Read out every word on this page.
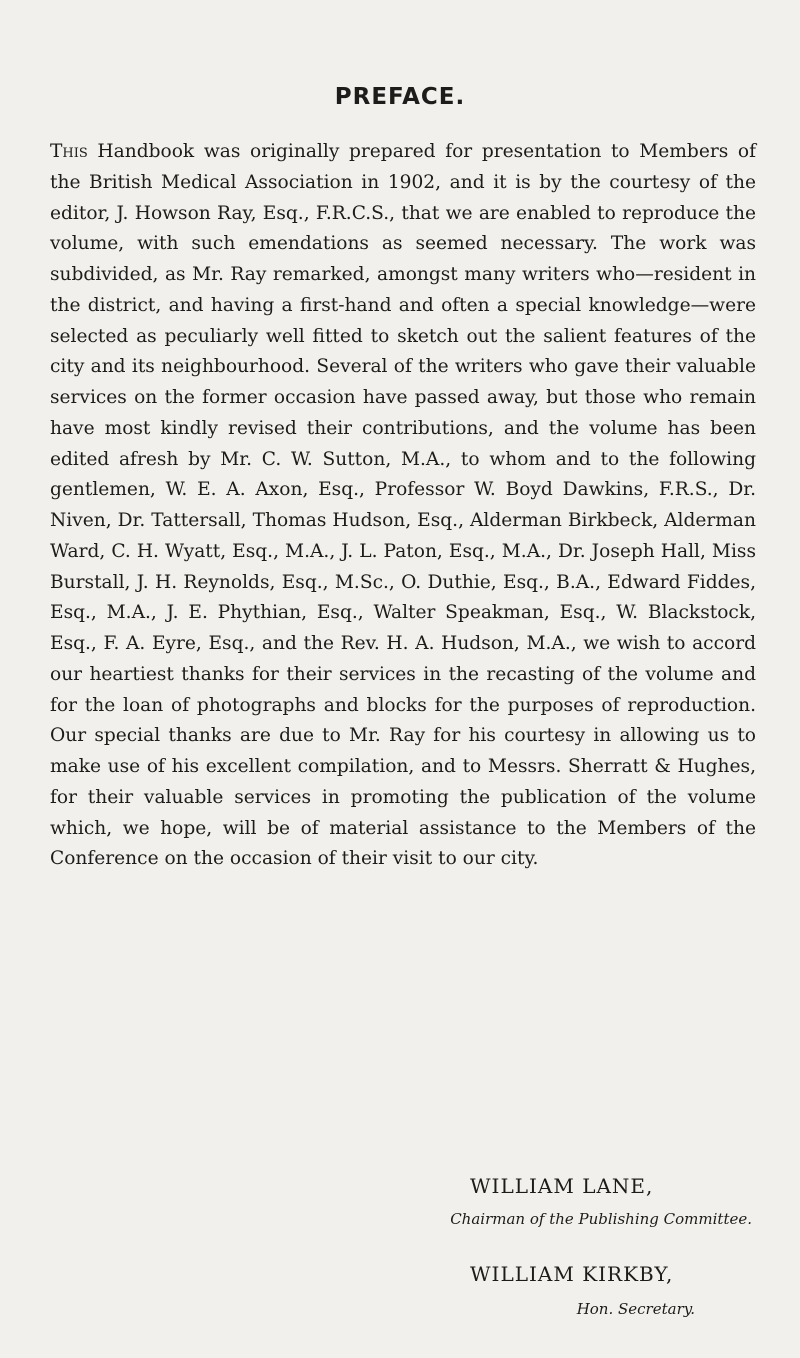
PREFACE.

This Handbook was originally prepared for presentation to Members of the British Medical Association in 1902, and it is by the courtesy of the editor, J. Howson Ray, Esq., F.R.C.S., that we are enabled to reproduce the volume, with such emendations as seemed necessary. The work was subdivided, as Mr. Ray remarked, amongst many writers who—resident in the district, and having a first-hand and often a special knowledge—were selected as peculiarly well fitted to sketch out the salient features of the city and its neighbourhood. Several of the writers who gave their valuable services on the former occasion have passed away, but those who remain have most kindly revised their contributions, and the volume has been edited afresh by Mr. C. W. Sutton, M.A., to whom and to the following gentlemen, W. E. A. Axon, Esq., Professor W. Boyd Dawkins, F.R.S., Dr. Niven, Dr. Tattersall, Thomas Hudson, Esq., Alderman Birkbeck, Alderman Ward, C. H. Wyatt, Esq., M.A., J. L. Paton, Esq., M.A., Dr. Joseph Hall, Miss Burstall, J. H. Reynolds, Esq., M.Sc., O. Duthie, Esq., B.A., Edward Fiddes, Esq., M.A., J. E. Phythian, Esq., Walter Speakman, Esq., W. Blackstock, Esq., F. A. Eyre, Esq., and the Rev. H. A. Hudson, M.A., we wish to accord our heartiest thanks for their services in the recasting of the volume and for the loan of photographs and blocks for the purposes of reproduction. Our special thanks are due to Mr. Ray for his courtesy in allowing us to make use of his excellent compilation, and to Messrs. Sherratt & Hughes, for their valuable services in promoting the publication of the volume which, we hope, will be of material assistance to the Members of the Conference on the occasion of their visit to our city.

WILLIAM LANE,
Chairman of the Publishing Committee.
WILLIAM KIRKBY,
Hon. Secretary.
